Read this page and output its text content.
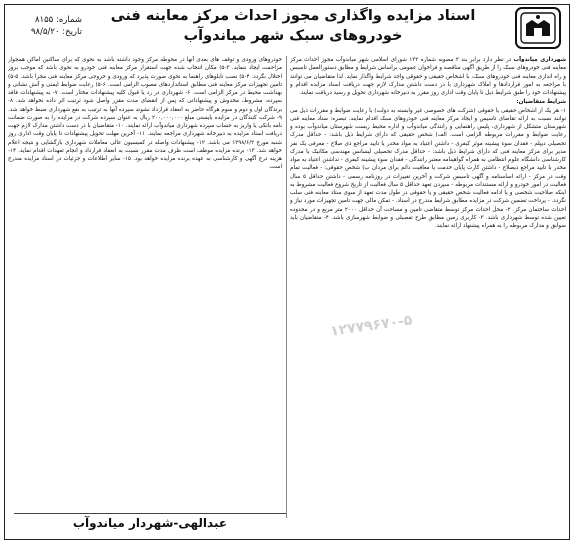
شماره: ۸۱۵۵
تاریخ: ۹۸/۵/۲۰
اسناد مزایده واگذاری مجوز احداث مرکز معاینه فنی خودروهای سبک شهر میاندوآب

شهرداری میاندوآب در نظر دارد برابر بند ۳ مصوبه شماره ۱۲۲ شورای اسلامی شهر میاندوآب مجوز احداث مرکز معاینه فنی خودروهای سبک را از طریق آگهی مناقصه و فراخوان عمومی براساس شرایط و مطابق دستورالعمل تاسیس و راه اندازی معاینه فنی خودروهای سبک، با اشخاص حقیقی و حقوقی واجد شرایط واگذار نماید. لذا متقاضیان می توانند با مراجعه به امور قراردادها و املاک شهرداری با در دست داشتن مدارک لازم جهت دریافت اسناد مزایده اقدام و پیشنهادات خود را طبق شرایط ذیل تا پایان وقت اداری روز مقرر به دبیرخانه شهرداری تحویل و رسید دریافت نمایند.

شرایط متقاضیان:

۱- هر یک از اشخاص حقیقی یا حقوقی (شرکت های خصوصی غیر وابسته به دولت) با رعایت ضوابط و مقررات ذیل می توانند نسبت به ارائه تقاضای تاسیس و ایجاد مرکز معاینه فنی خودروهای سبک اقدام نمایند. تبصره: ستاد معاینه فنی شهرستان متشکل از شهرداری، پلیس راهنمایی و رانندگی میاندوآب و اداره محیط زیست شهرستان میاندوآب بوده و رعایت ضوابط و مقررات مربوطه الزامی است. الف) شخص حقیقی که دارای شرایط ذیل باشد: - حداقل مدرک تحصیلی دیپلم - فقدان سوء پیشینه موثر کیفری - داشتن اعتیاد به مواد مخدر یا تایید مراجع ذی صلاح - معرفی یک نفر مدیر برای مرکز معاینه فنی که دارای شرایط ذیل باشد: - حداقل مدرک تحصیلی لیسانس مهندسی مکانیک یا مدرک کارشناسی دانشگاه علوم انتظامی به همراه گواهینامه معتبر رانندگی - فقدان سوء پیشینه کیفری - نداشتن اعتیاد به مواد مخدر با تایید مراجع ذیصلاح - داشتن کارت پایان خدمت یا معافیت دائم برای مردان ب) شخص حقوقی: - فعالیت تمام وقت در مرکز - ارائه اساسنامه و آگهی تاسیس شرکت و آخرین تغییرات در روزنامه رسمی - داشتن حداقل ۵ سال فعالیت در امور خودرو و ارائه مستندات مربوطه - سپردن تعهد حداقل ۵ سال فعالیت از تاریخ شروع فعالیت مشروط به اینکه صلاحیت شخصی و یا ادامه فعالیت شخص حقیقی و یا حقوقی در طول مدت تعهد از سوی ستاد معاینه فنی سلب نگردد. - پرداخت تضمین شرکت در مزایده مطابق شرایط مندرج در اسناد. - تمکن مالی جهت تامین تجهیزات مورد نیاز و احداث ساختمان مرکز. ۲- محل احداث مرکز توسط متقاضی تامین و مساحت آن حداقل ۲۰۰۰ متر مربع و در محدوده تعیین شده توسط شهرداری باشد. ۳- کاربری زمین مطابق طرح تفصیلی و ضوابط شهرسازی باشد. ۴- متقاضیان باید سوابق و مدارک مربوطه را به همراه پیشنهاد ارائه نمایند.

خودروهای ورودی و توقف های بعدی آنها در محوطه مرکز وجود داشته باشد به نحوی که برای ساکنین اماکن همجوار مزاحمت ایجاد ننماید. ۳-۵) مکان انتخاب شده جهت استقرار مرکز معاینه فنی خودرو به نحوی باشد که موجب بروز اختلال نگردد. ۴-۵) نصب تابلوهای راهنما به نحوی صورت پذیرد که ورودی و خروجی مرکز معاینه فنی مجزا باشد. ۵-۵) تامین تجهیزات مرکز معاینه فنی مطابق استانداردهای مصوب الزامی است. ۶-۵) رعایت ضوابط ایمنی و آتش نشانی و بهداشت محیط در مرکز الزامی است. ۶- شهرداری در رد یا قبول کلیه پیشنهادات مختار است. ۷- به پیشنهادات فاقد سپرده، مشروط، مخدوش و پیشنهاداتی که پس از انقضای مدت مقرر واصل شود ترتیب اثر داده نخواهد شد. ۸- برندگان اول و دوم و سوم هرگاه حاضر به انعقاد قرارداد نشوند سپرده آنها به ترتیب به نفع شهرداری ضبط خواهد شد. ۹- شرکت کنندگان در مزایده بایستی مبلغ ۲۰۰,۰۰۰,۰۰۰ ریال به عنوان سپرده شرکت در مزایده را به صورت ضمانت نامه بانکی یا واریز به حساب سپرده شهرداری میاندوآب ارائه نمایند. ۱۰- متقاضیان با در دست داشتن مدارک لازم جهت دریافت اسناد مزایده به دبیرخانه شهرداری مراجعه نمایند. ۱۱- آخرین مهلت تحویل پیشنهادات تا پایان وقت اداری روز شنبه مورخ ۱۳۹۸/۶/۲ می باشد. ۱۲- پیشنهادات واصله در کمیسیون عالی معاملات شهرداری بازگشایی و نتیجه اعلام خواهد شد. ۱۳- برنده مزایده موظف است ظرف مدت مقرر نسبت به انعقاد قرارداد و انجام تعهدات اقدام نماید. ۱۴- هزینه درج آگهی و کارشناسی به عهده برنده مزایده خواهد بود. ۱۵- سایر اطلاعات و جزئیات در اسناد مزایده مندرج است.

عبدالهی-شهردار میاندوآب
۱۲۷۷۹۶۷۰-۵
